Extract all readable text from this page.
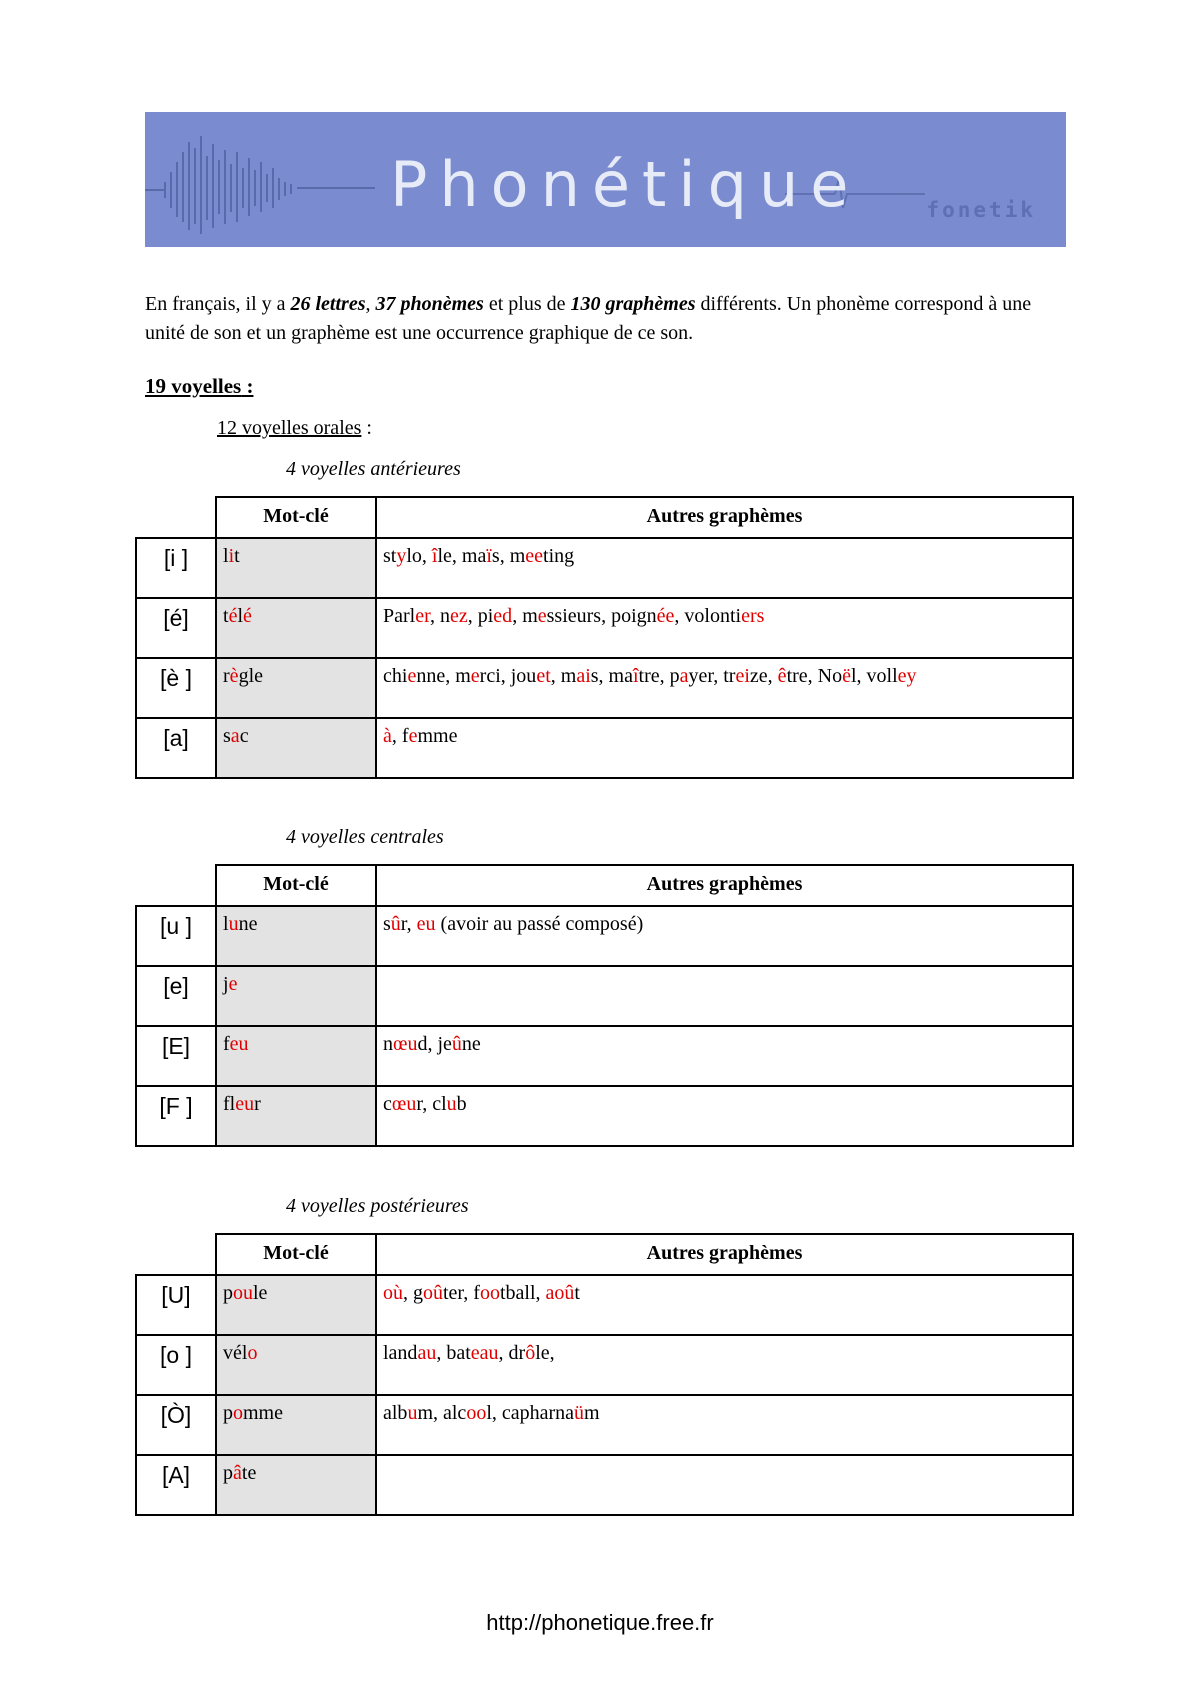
Phonétique	fonetik
En français, il y a 26 lettres, 37 phonèmes et plus de 130 graphèmes différents. Un phonème correspond à une unité de son et un graphème est une occurrence graphique de ce son.
19 voyelles :
12 voyelles orales :
4 voyelles antérieures
	Mot-clé	Autres graphèmes
[i ]	lit	stylo, île, maïs, meeting
[é]	télé	Parler, nez, pied, messieurs, poignée, volontiers
[è ]	règle	chienne, merci, jouet, mais, maître, payer, treize, être, Noël, volley
[a]	sac	à, femme
4 voyelles centrales
	Mot-clé	Autres graphèmes
[u ]	lune	sûr, eu (avoir au passé composé)
[e]	je	
[E]	feu	nœud, jeûne
[F ]	fleur	cœur, club
4 voyelles postérieures
	Mot-clé	Autres graphèmes
[U]	poule	où, goûter, football, août
[o ]	vélo	landau, bateau, drôle,
[Ò]	pomme	album, alcool, capharnaüm
[A]	pâte	
http://phonetique.free.fr
